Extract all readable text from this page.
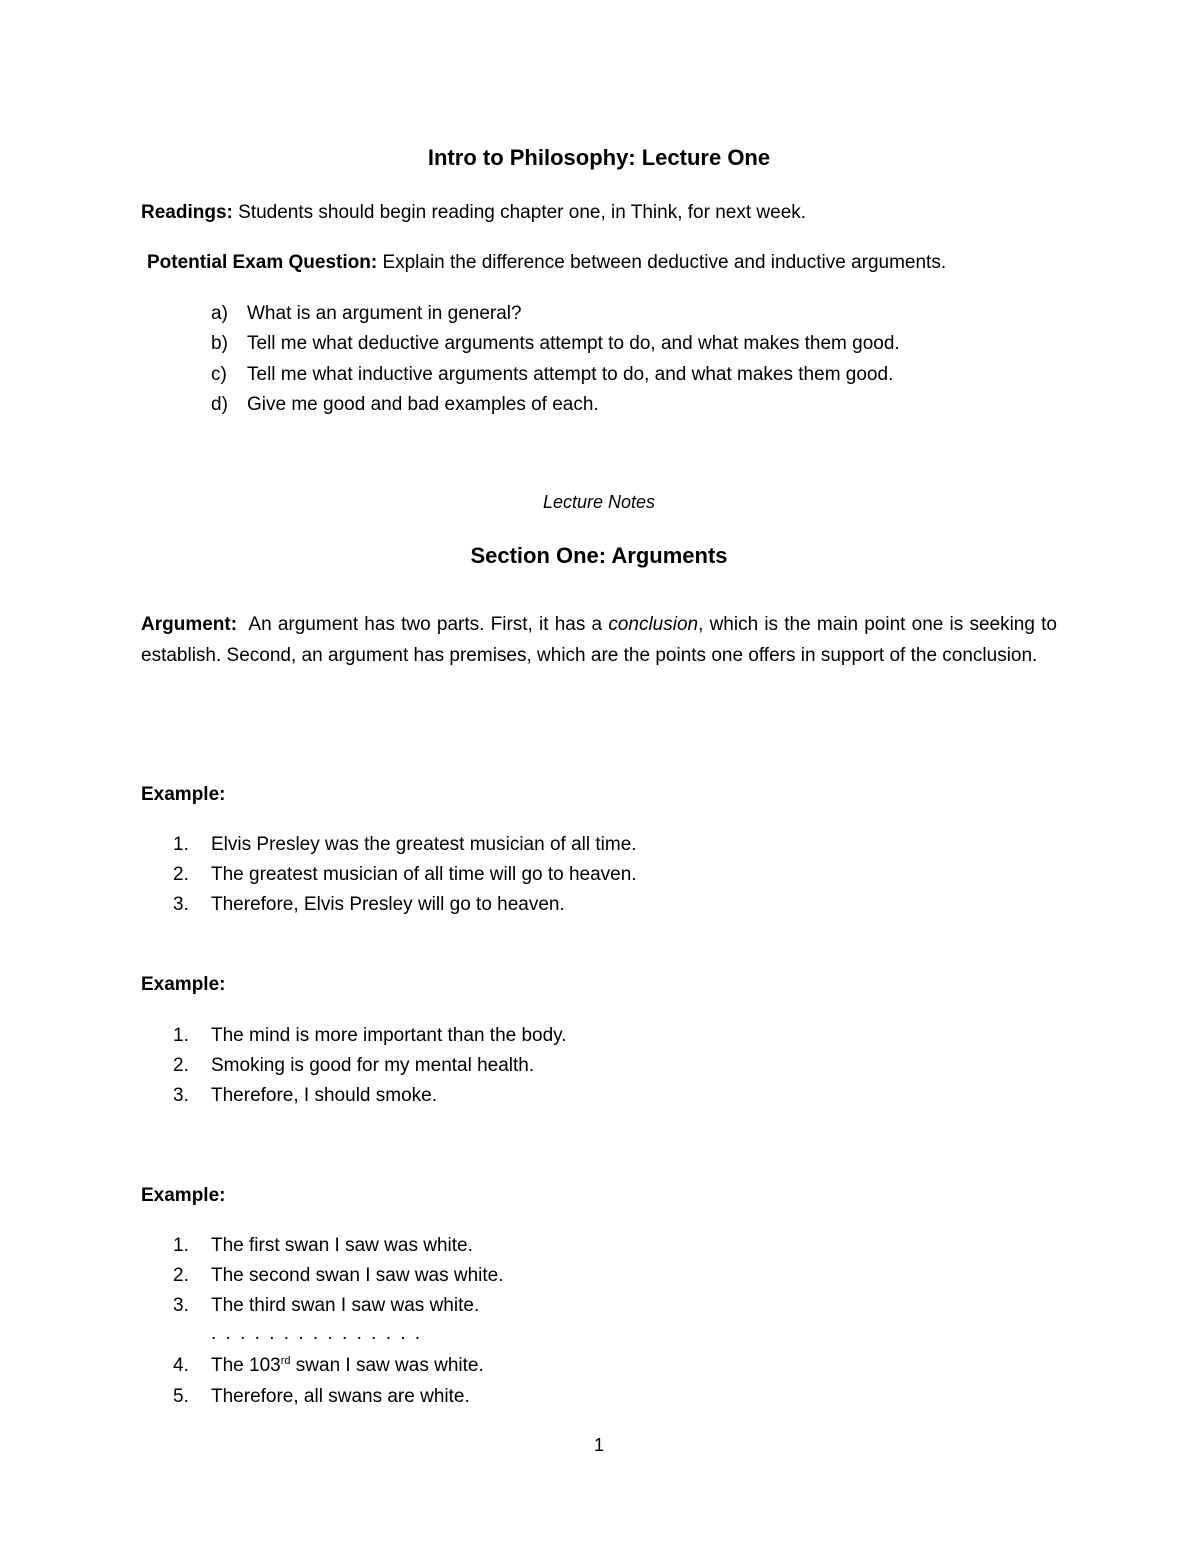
Intro to Philosophy: Lecture One

Readings: Students should begin reading chapter one, in Think, for next week.

Potential Exam Question: Explain the difference between deductive and inductive arguments.

a)	What is an argument in general?
b)	Tell me what deductive arguments attempt to do, and what makes them good.
c)	Tell me what inductive arguments attempt to do, and what makes them good.
d)	Give me good and bad examples of each.

Lecture Notes

Section One: Arguments

Argument: An argument has two parts. First, it has a conclusion, which is the main point one is seeking to establish. Second, an argument has premises, which are the points one offers in support of the conclusion.

Example:

1.	Elvis Presley was the greatest musician of all time.
2.	The greatest musician of all time will go to heaven.
3.	Therefore, Elvis Presley will go to heaven.

Example:

1.	The mind is more important than the body.
2.	Smoking is good for my mental health.
3.	Therefore, I should smoke.

Example:

1.	The first swan I saw was white.
2.	The second swan I saw was white.
3.	The third swan I saw was white.
. . . . . . . . . . . . . . .
4.	The 103rd swan I saw was white.
5.	Therefore, all swans are white.

1
